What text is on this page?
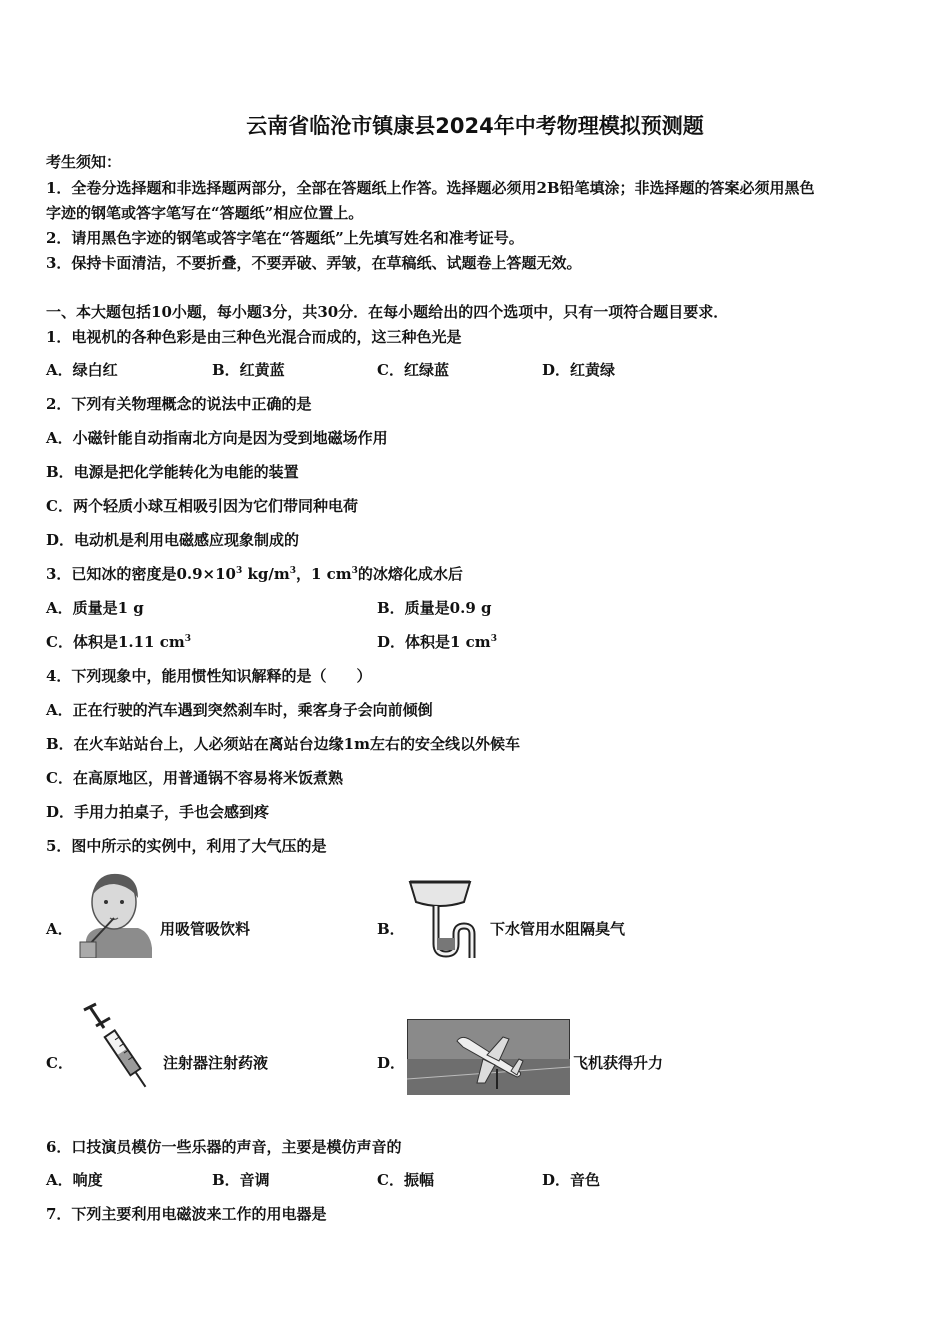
云南省临沧市镇康县2024年中考物理模拟预测题
考生须知：
1．全卷分选择题和非选择题两部分，全部在答题纸上作答。选择题必须用2B铅笔填涂；非选择题的答案必须用黑色
字迹的钢笔或答字笔写在“答题纸”相应位置上。
2．请用黑色字迹的钢笔或答字笔在“答题纸”上先填写姓名和准考证号。
3．保持卡面清洁，不要折叠，不要弄破、弄皱，在草稿纸、试题卷上答题无效。
一、本大题包括10小题，每小题3分，共30分．在每小题给出的四个选项中，只有一项符合题目要求．
1．电视机的各种色彩是由三种色光混合而成的，这三种色光是
A．绿白红	B．红黄蓝	C．红绿蓝	D．红黄绿
2．下列有关物理概念的说法中正确的是
A．小磁针能自动指南北方向是因为受到地磁场作用
B．电源是把化学能转化为电能的装置
C．两个轻质小球互相吸引因为它们带同种电荷
D．电动机是利用电磁感应现象制成的
3．已知冰的密度是$0.9\times 10^3$ $kg/m^3$，1 $cm^3$的冰熔化成水后
A．质量是1 g	B．质量是0.9 g
C．体积是1.11 $cm^3$	D．体积是1 $cm^3$
4．下列现象中，能用惯性知识解释的是（　　）
A．正在行驶的汽车遇到突然刹车时，乘客身子会向前倾倒
B．在火车站站台上，人必须站在离站台边缘1m左右的安全线以外候车
C．在高原地区，用普通锅不容易将米饭煮熟
D．手用力拍桌子，手也会感到疼
5．图中所示的实例中，利用了大气压的是
A．	用吸管吸饮料	B．	下水管用水阻隔臭气
C．	注射器注射药液	D．	飞机获得升力
6．口技演员模仿一些乐器的声音，主要是模仿声音的
A．响度	B．音调	C．振幅	D．音色
7．下列主要利用电磁波来工作的用电器是
